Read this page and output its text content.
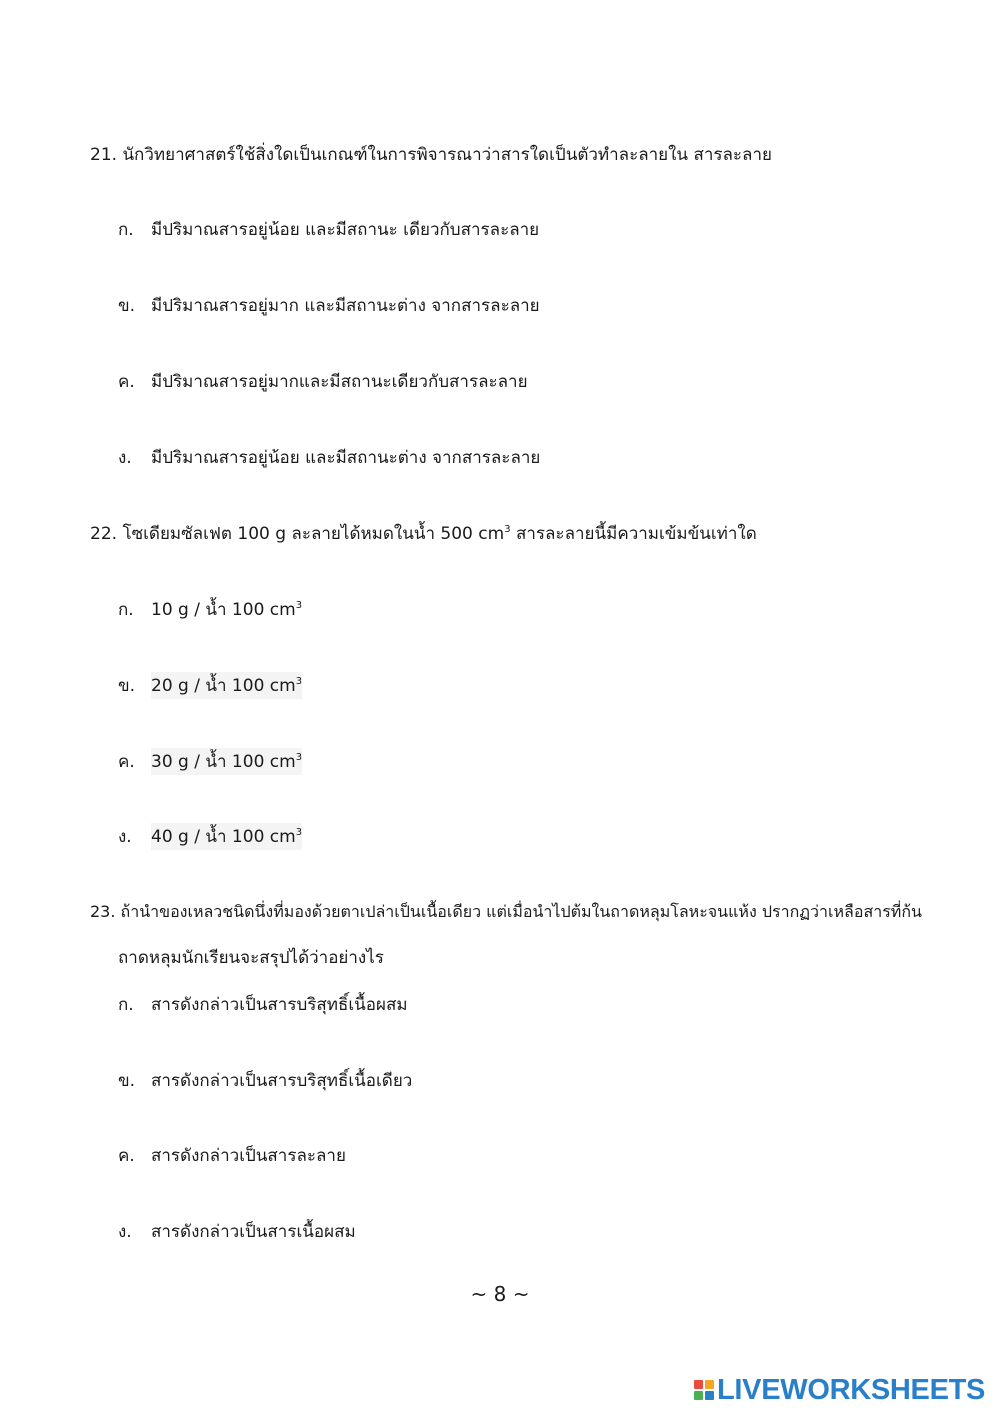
21. นักวิทยาศาสตร์ใช้สิ่งใดเป็นเกณฑ์ในการพิจารณาว่าสารใดเป็นตัวทำละลายใน สารละลาย
ก. มีปริมาณสารอยู่น้อย และมีสถานะ เดียวกับสารละลาย
ข. มีปริมาณสารอยู่มาก และมีสถานะต่าง จากสารละลาย
ค. มีปริมาณสารอยู่มากและมีสถานะเดียวกับสารละลาย
ง. มีปริมาณสารอยู่น้อย และมีสถานะต่าง จากสารละลาย
22. โซเดียมซัลเฟต 100 g ละลายได้หมดในน้ำ 500 $cm^3$ สารละลายนี้มีความเข้มข้นเท่าใด
ก. 10 g / น้ำ 100 $cm^3$
ข. 20 g / น้ำ 100 $cm^3$
ค. 30 g / น้ำ 100 $cm^3$
ง. 40 g / น้ำ 100 $cm^3$
23. ถ้านำของเหลวชนิดนึ่งที่มองด้วยตาเปล่าเป็นเนื้อเดียว แต่เมื่อนำไปต้มในถาดหลุมโลหะจนแห้ง ปรากฏว่าเหลือสารที่ก้น
ถาดหลุมนักเรียนจะสรุปได้ว่าอย่างไร
ก. สารดังกล่าวเป็นสารบริสุทธิ์เนื้อผสม
ข. สารดังกล่าวเป็นสารบริสุทธิ์เนื้อเดียว
ค. สารดังกล่าวเป็นสารละลาย
ง. สารดังกล่าวเป็นสารเนื้อผสม
~ 8 ~
LIVEWORKSHEETS
